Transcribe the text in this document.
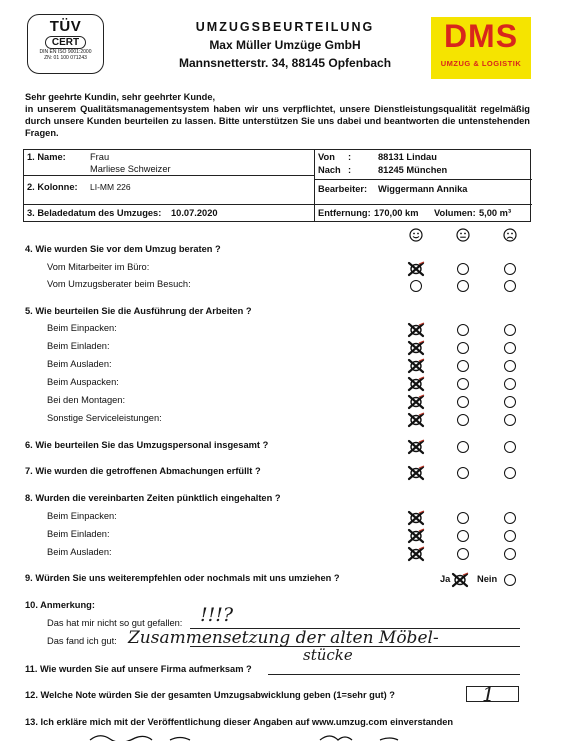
TÜV
CERT
DIN EN ISO 9001:2000
ZN: 01 100 071243
UMZUGSBEURTEILUNG
Max Müller Umzüge GmbH
Mannsnetterstr. 34, 88145 Opfenbach
DMS
UMZUG & LOGISTIK

Sehr geehrte Kundin, sehr geehrter Kunde,

in unserem Qualitätsmanagementsystem haben wir uns verpflichtet, unsere Dienstleistungsqualität regelmäßig durch unsere Kunden beurteilen zu lassen. Bitte unterstützen Sie uns dabei und beantworten die untenstehenden Fragen.

1. Name:	Frau
Marliese Schweizer
2. Kolonne: LI-MM 226
3. Beladedatum des Umzuges: 10.07.2020
Von :	88131 Lindau
Nach :	81245 München
Bearbeiter: Wiggermann Annika
Entfernung: 170,00 km Volumen: 5,00 m³
4. Wie wurden Sie vor dem Umzug beraten ?
Vom Mitarbeiter im Büro:
Vom Umzugsberater beim Besuch:
5. Wie beurteilen Sie die Ausführung der Arbeiten ?
Beim Einpacken:
Beim Einladen:
Beim Ausladen:
Beim Auspacken:
Bei den Montagen:
Sonstige Serviceleistungen:
6. Wie beurteilen Sie das Umzugspersonal insgesamt ?
7. Wie wurden die getroffenen Abmachungen erfüllt ?
8. Wurden die vereinbarten Zeiten pünktlich eingehalten ?
Beim Einpacken:
Beim Einladen:
Beim Ausladen:
9. Würden Sie uns weiterempfehlen oder nochmals mit uns umziehen ?	Ja	Nein
10. Anmerkung:
Das hat mir nicht so gut gefallen: !!!?
Das fand ich gut: Zusammensetzung der alten Möbel-
stücke
11. Wie wurden Sie auf unsere Firma aufmerksam ?
12. Welche Note würden Sie der gesamten Umzugsabwicklung geben (1=sehr gut) ?	1
13. Ich erkläre mich mit der Veröffentlichung dieser Angaben auf www.umzug.com einverstanden
